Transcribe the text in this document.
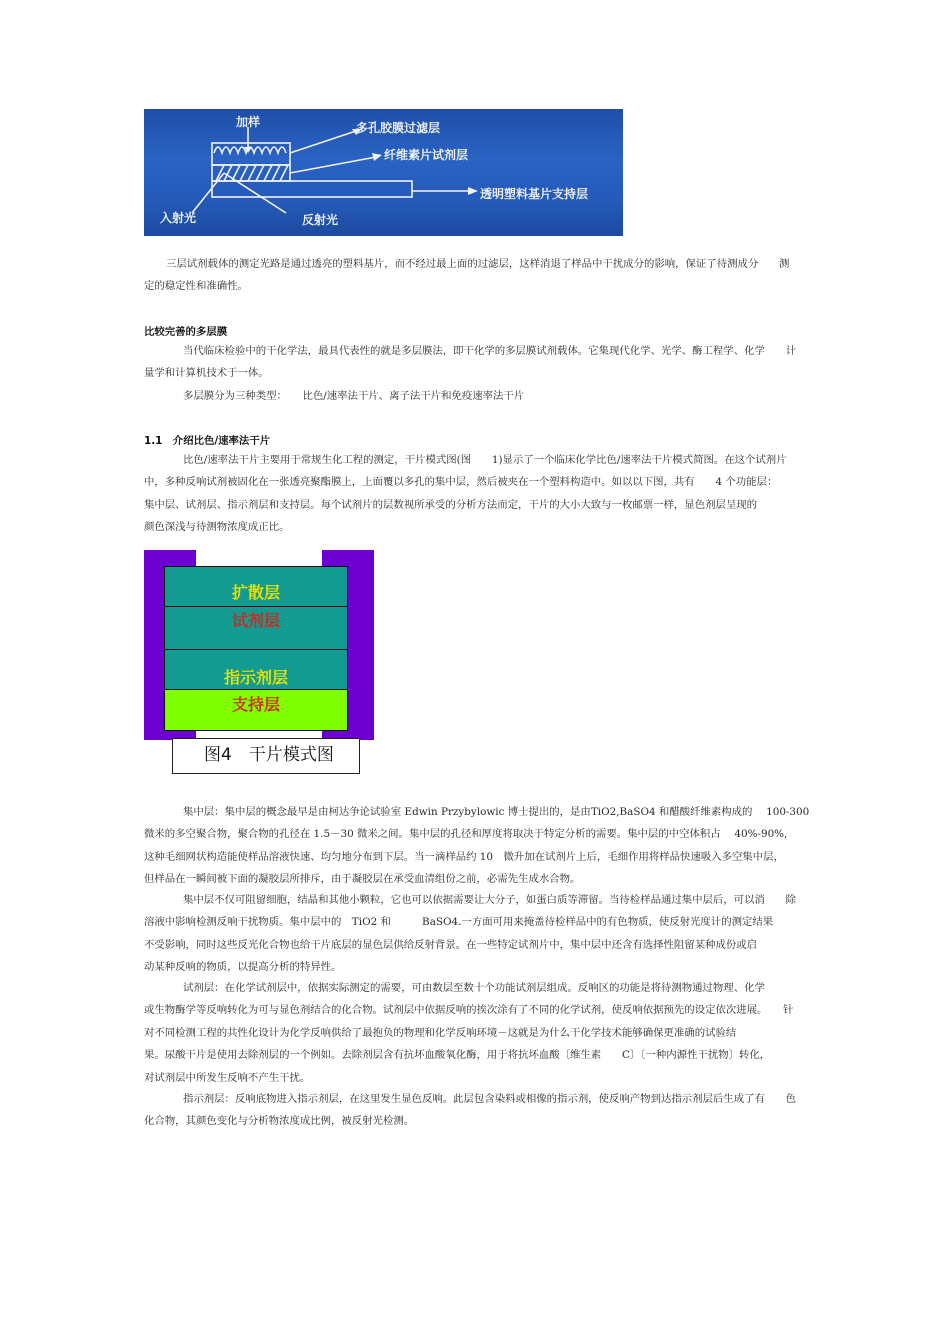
加样	多孔胶膜过滤层
纤维素片试剂层
透明塑料基片支持层
入射光	反射光
三层试剂载体的测定光路是通过透亮的塑料基片，而不经过最上面的过滤层，这样消退了样品中干扰成分的影响，保证了待测成分　　测
定的稳定性和准确性。
比较完善的多层膜
当代临床检验中的干化学法，最具代表性的就是多层膜法，即干化学的多层膜试剂载体。它集现代化学、光学、酶工程学、化学　　计
量学和计算机技术于一体。
多层膜分为三种类型：　　比色/速率法干片、离子法干片和免疫速率法干片
1.1　介绍比色/速率法干片
比色/速率法干片主要用于常规生化工程的测定，干片模式图(图　　1)显示了一个临床化学比色/速率法干片模式简图。在这个试剂片
中，多种反响试剂被固化在一张透亮聚酯膜上，上面覆以多孔的集中层，然后被夹在一个塑料构造中。如以以下图，共有　　4 个功能层：
集中层、试剂层、指示剂层和支持层。每个试剂片的层数视所承受的分析方法而定，干片的大小大致与一枚邮票一样，显色剂层呈现的
颜色深浅与待测物浓度成正比。
扩散层
试剂层
指示剂层
支持层
图4　干片模式图
集中层：集中层的概念最早是由柯达争论试验室 Edwin Przybylowic 博士提出的，是由TiO2,BaSO4 和醋酸纤维素构成的　 100-300
微米的多空聚合物，聚合物的孔径在 1.5－30 微米之间。集中层的孔径和厚度将取决于特定分析的需要。集中层的中空体积占　 40%-90%,
这种毛细网状构造能使样品溶液快速、均匀地分布到下层。当一滴样品约 10　微升加在试剂片上后，毛细作用将样品快速吸入多空集中层，
但样品在一瞬间被下面的凝胶层所排斥，由于凝胶层在承受血清组份之前，必需先生成水合物。
集中层不仅可阻留细胞，结晶和其他小颗粒，它也可以依据需要让大分子，如蛋白质等滞留。当待检样品通过集中层后，可以消　　除
溶液中影响检测反响干扰物质。集中层中的　TiO2 和　　　BaSO4.一方面可用来掩盖待检样品中的有色物质，使反射光度计的测定结果
不受影响，同时这些反光化合物也给干片底层的显色层供给反射背景。在一些特定试剂片中，集中层中还含有选择性阻留某种成份或启
动某种反响的物质，以提高分析的特异性。
试剂层：在化学试剂层中，依据实际测定的需要，可由数层至数十个功能试剂层组成。反响区的功能是将待测物通过物理、化学
或生物酶学等反响转化为可与显色剂结合的化合物。试剂层中依据反响的挨次涂有了不同的化学试剂，使反响依据预先的设定依次进展。　　针
对不同检测工程的共性化设计为化学反响供给了最抱负的物理和化学反响环境－这就是为什么干化学技术能够确保更准确的试验结
果。尿酸干片是使用去除剂层的一个例如。去除剂层含有抗坏血酸氧化酶，用于将抗坏血酸〔维生素　　C〕〔一种内源性干扰物〕转化，
对试剂层中所发生反响不产生干扰。
指示剂层：反响底物进入指示剂层，在这里发生显色反响。此层包含染料或相像的指示剂，使反响产物到达指示剂层后生成了有　　色
化合物，其颜色变化与分析物浓度成比例，被反射光检测。
